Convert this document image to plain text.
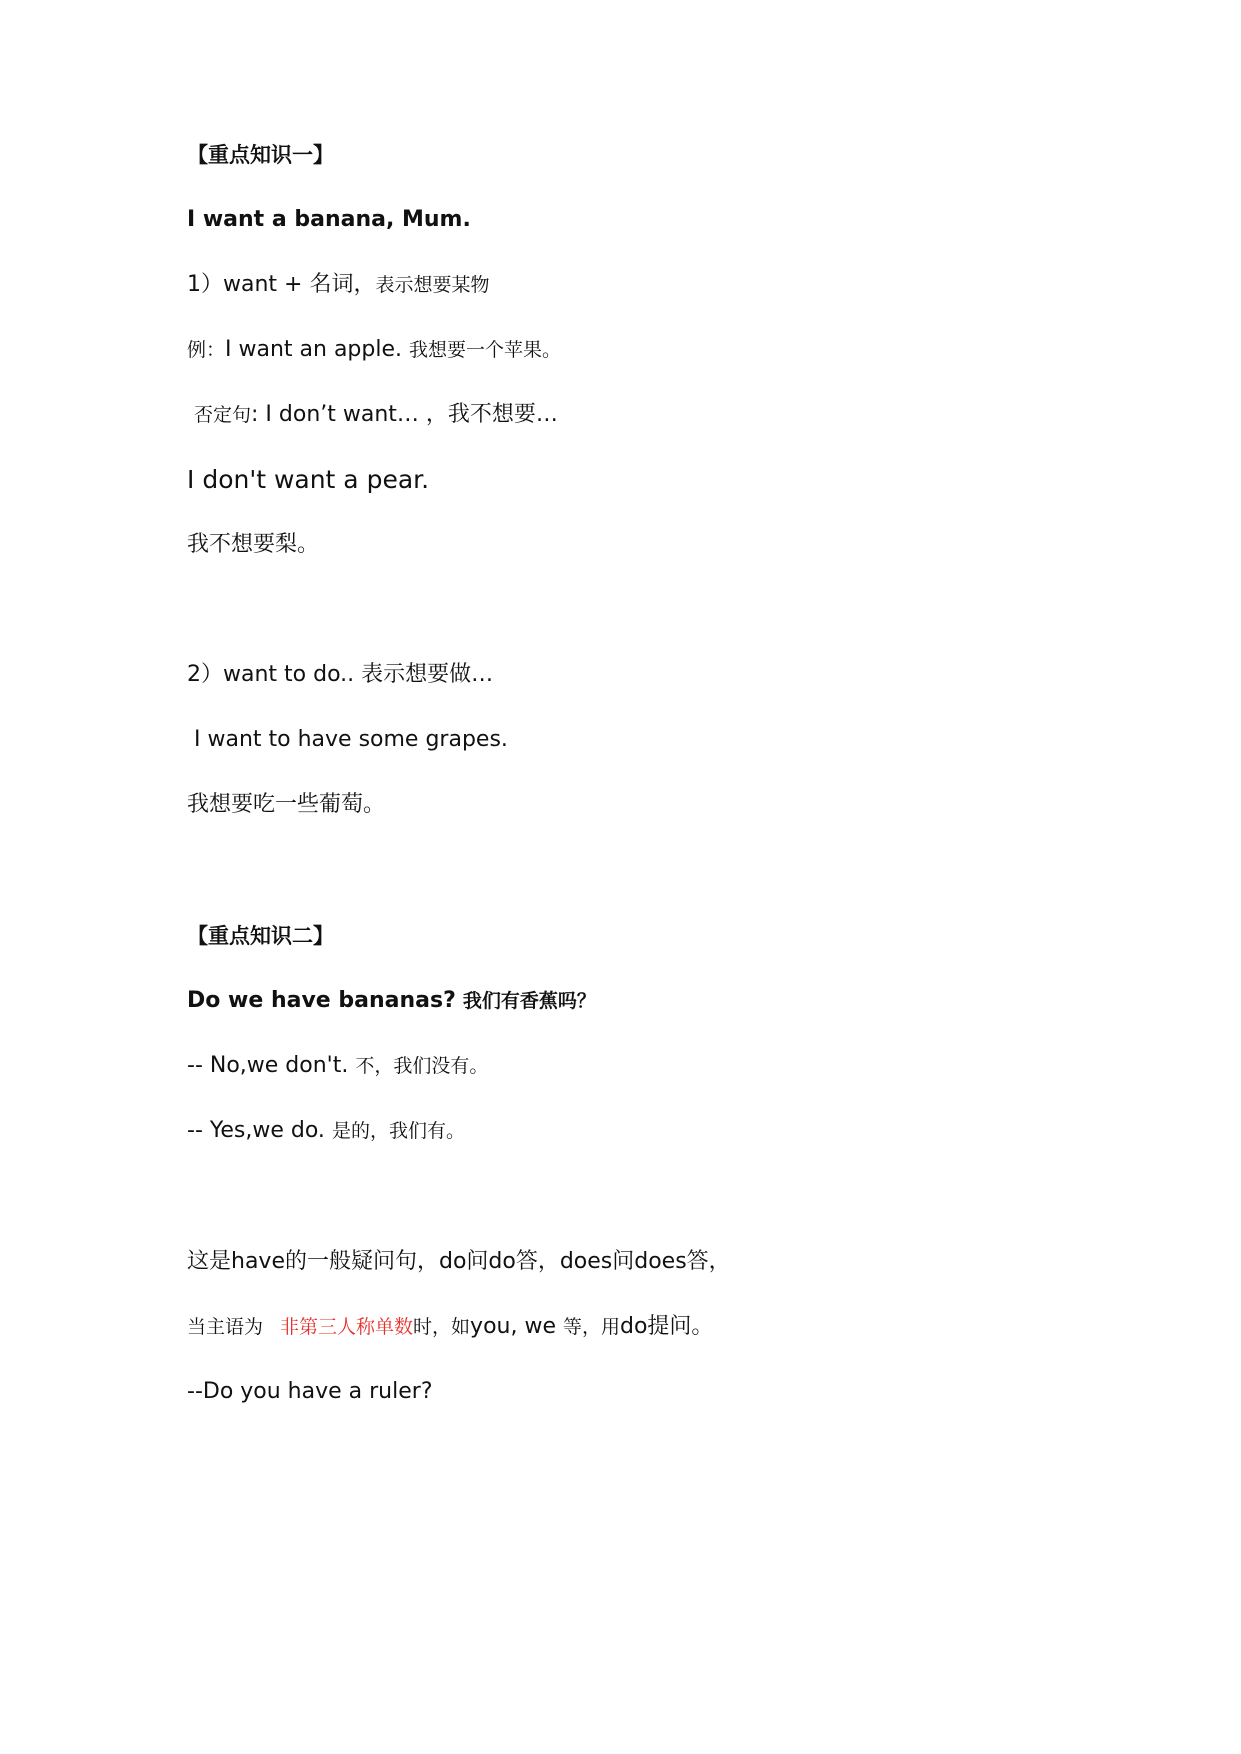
【重点知识一】
I want a banana, Mum.
1）want + 名词，表示想要某物
例：I want an apple. 我想要一个苹果。
否定句: I don’t want… ，我不想要…
I don't want a pear.
我不想要梨。
2）want to do.. 表示想要做…
I want to have some grapes.
我想要吃一些葡萄。
【重点知识二】
Do we have bananas? 我们有香蕉吗？
-- No,we don't. 不，我们没有。
-- Yes,we do. 是的，我们有。
这是have的一般疑问句，do问do答，does问does答，
当主语为 非第三人称单数时，如you, we 等，用do提问。
--Do you have a ruler?
